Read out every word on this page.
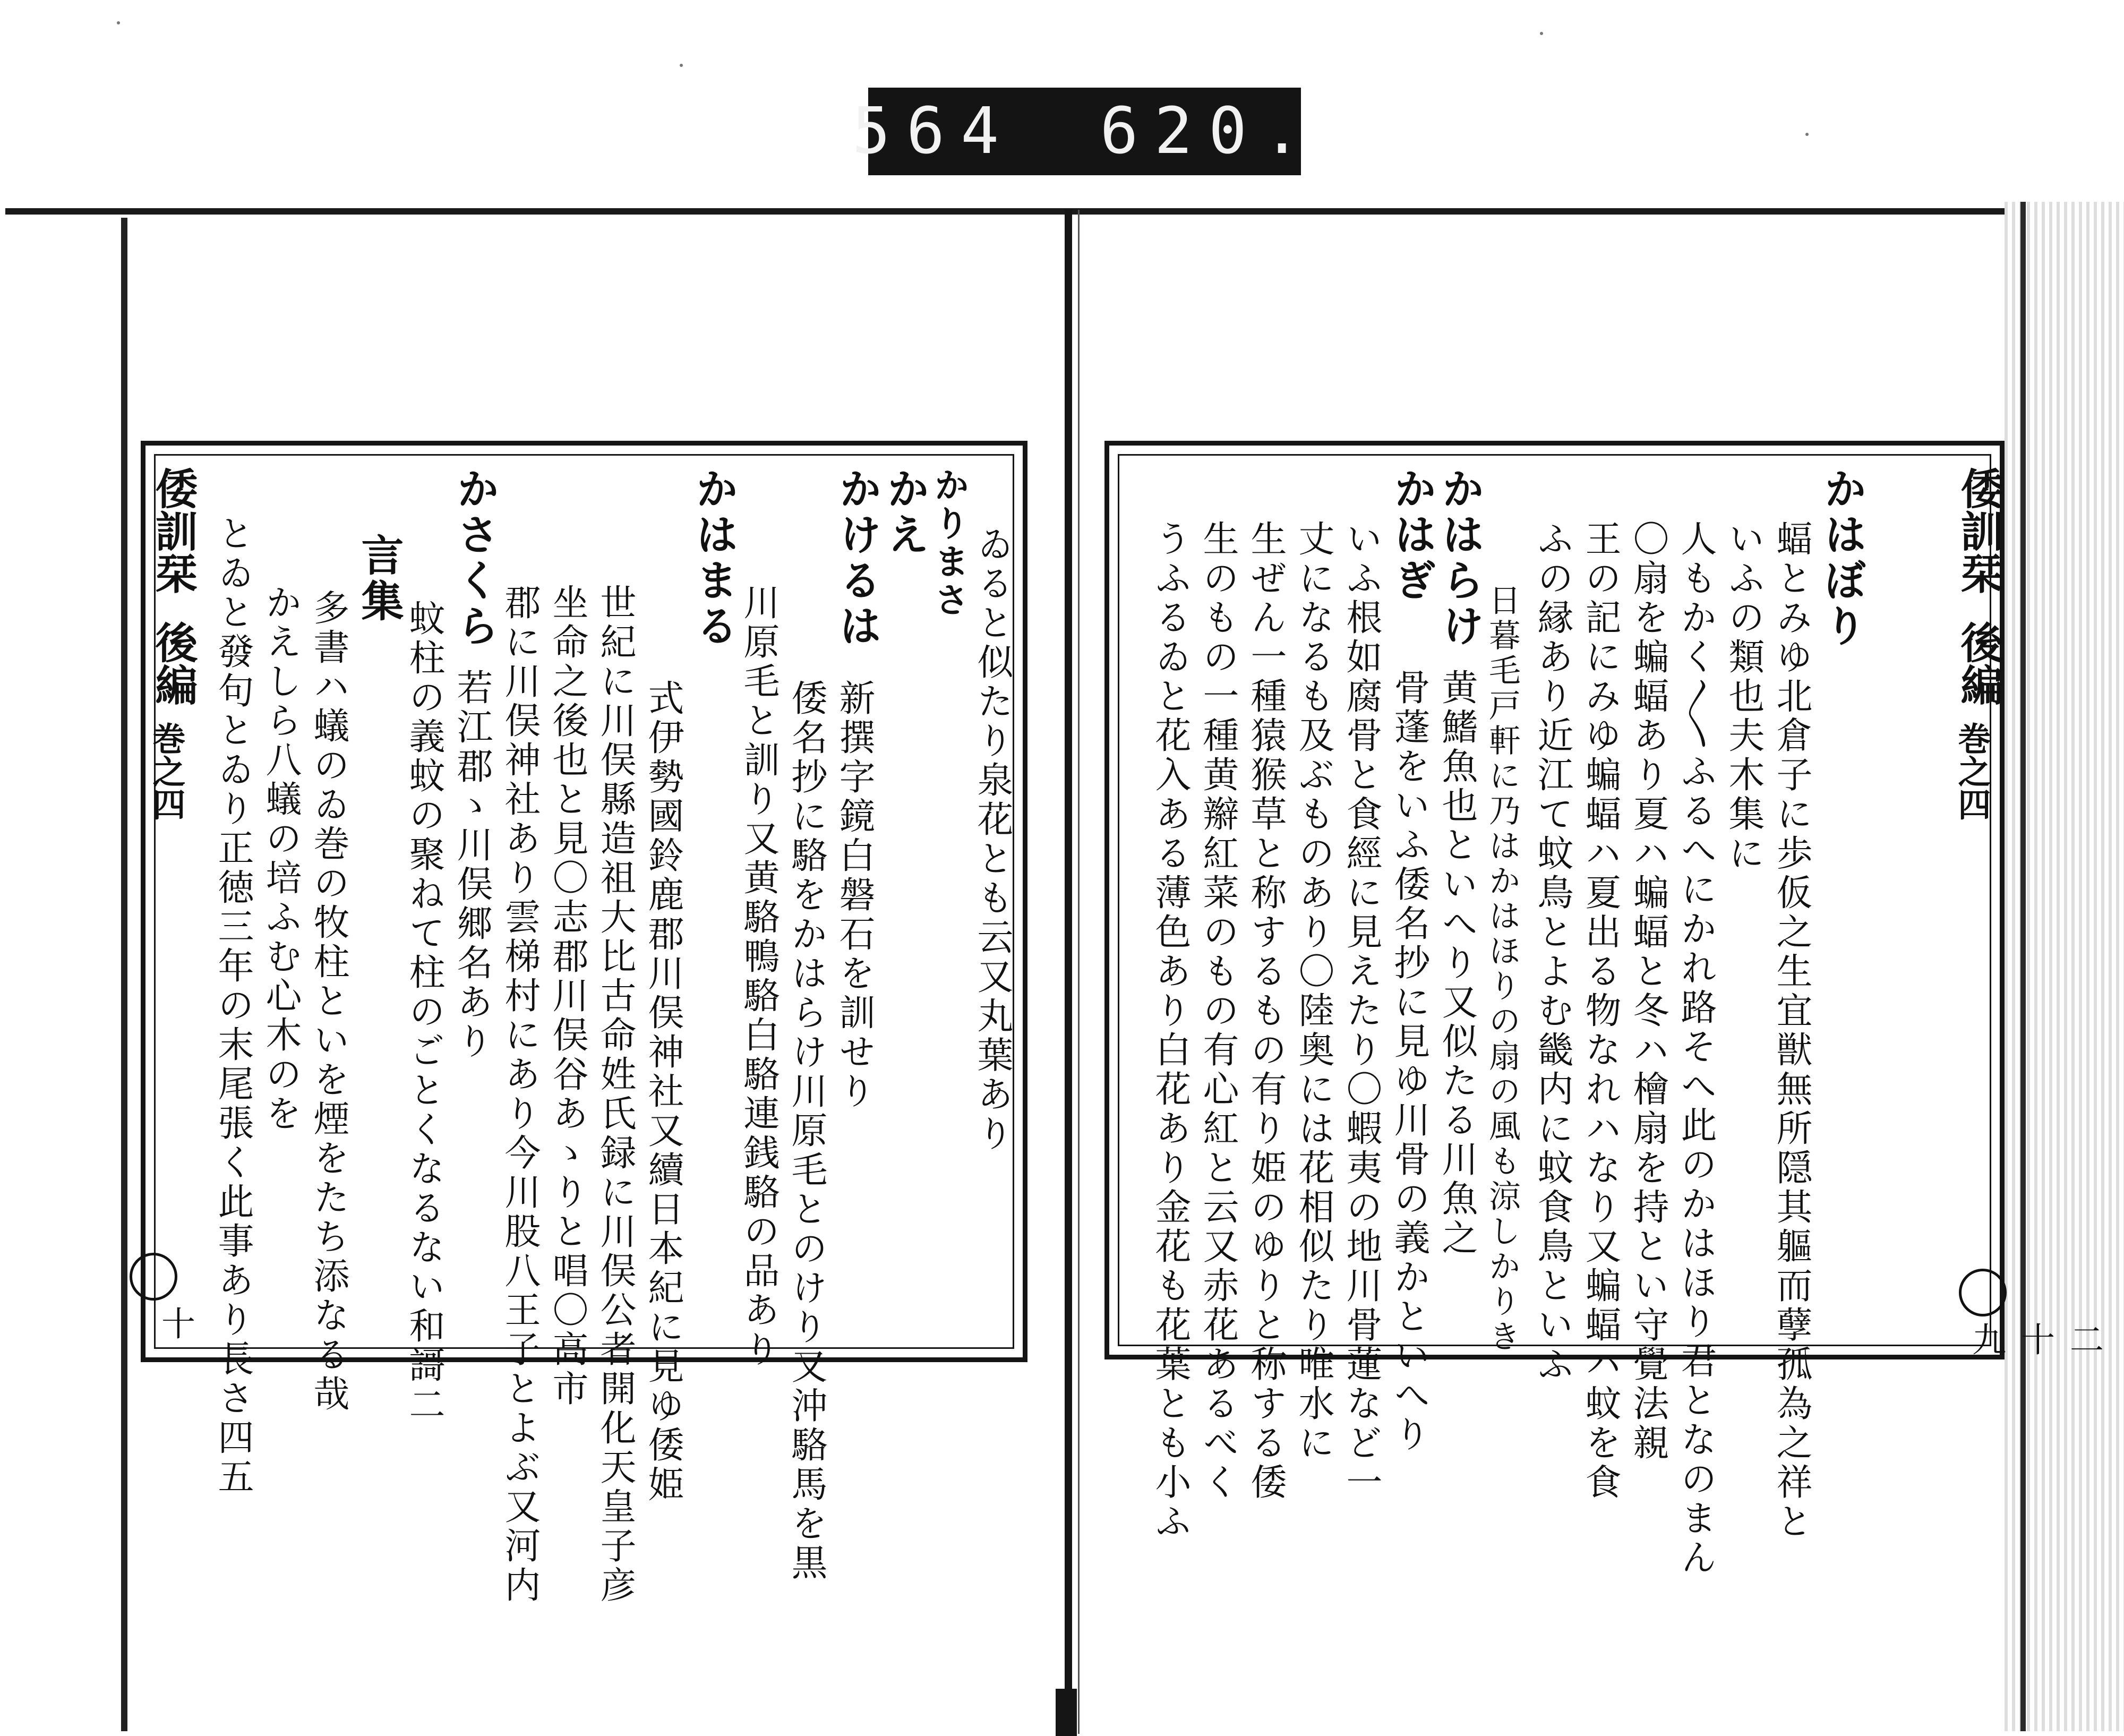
564 620.
倭訓栞
後編
巻之四
十 とゐと發句とゐり正徳三年の末尾張く此事あり長さ四五 かえしら八蟻の培ふむ心木のを 多書ハ蟻のゐ巻の牧柱といを煙をたち添なる哉
言集
蚊柱の義蚊の聚ねて柱のごとくなるない和謌二
かさくら
若江郡ゝ川俣郷名あり 郡に川俣神社あり雲梯村にあり今川股八王子とよぶ又河内 坐命之後也と見〇志郡川俣谷あゝりと唱〇高市 世紀に川俣縣造祖大比古命姓氏録に川俣公者開化天皇子彦 式伊勢國鈴鹿郡川俣神社又續日本紀に見ゆ倭姫
かはまる
川原毛と訓り又黄駱鴨駱白駱連銭駱の品あり 倭名抄に駱をかはらけ川原毛とのけり又沖駱馬を黒
かけるは
新撰字鏡白磐石を訓せり
かえ
かりまさ ゐると似たり泉花とも云又丸葉あり	うふるゐと花入ある薄色あり白花あり金花も花葉とも小ふ 生のもの一種黄辮紅菜のもの有心紅と云又赤花あるべく 生ぜん一種猿猴草と称するもの有り姫のゆりと称する倭 丈になるも及ぶものあり〇陸奥には花相似たり唯水に いふ根如腐骨と食經に見えたり〇蝦夷の地川骨蓮など一 かはぎ
骨蓬をいふ倭名抄に見ゆ川骨の義かといへり
かはらけ
黄鰭魚也といへり又似たる川魚之 日暮毛戸軒に乃はかはほりの扇の風も涼しかりき ふの縁あり近江て蚊鳥とよむ畿内に蚊食鳥といふ 王の記にみゆ蝙蝠ハ夏出る物なれハなり又蝙蝠ハ蚊を食 〇扇を蝙蝠あり夏ハ蝙蝠と冬ハ檜扇を持とい守覺法親 人もかく〱ふるへにかれ路そへ此のかはほり君となのまん いふの類也夫木集に 蝠とみゆ北倉子に歩仮之生宜獣無所隠其軀而孽孤為之祥と かはぼり 倭訓栞
後編
巻之四
二十九
